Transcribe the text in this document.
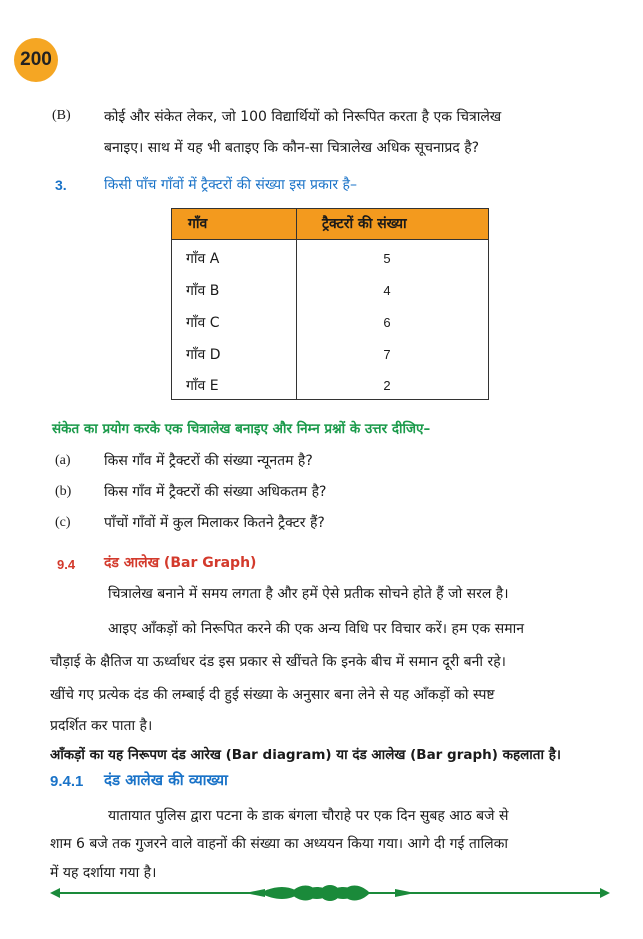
200
(B) कोई और संकेत लेकर, जो 100 विद्यार्थियों को निरूपित करता है एक चित्रालेख
बनाइए। साथ में यह भी बताइए कि कौन-सा चित्रालेख अधिक सूचनाप्रद है?
3.	किसी पाँच गाँवों में ट्रैक्टरों की संख्या इस प्रकार है–
गाँव	ट्रैक्टरों की संख्या
गाँव A	5
गाँव B	4
गाँव C	6
गाँव D	7
गाँव E	2
संकेत का प्रयोग करके एक चित्रालेख बनाइए और निम्न प्रश्नों के उत्तर दीजिए–
(a) किस गाँव में ट्रैक्टरों की संख्या न्यूनतम है?
(b) किस गाँव में ट्रैक्टरों की संख्या अधिकतम है?
(c) पाँचों गाँवों में कुल मिलाकर कितने ट्रैक्टर हैं?
9.4 दंड आलेख (Bar Graph)
चित्रालेख बनाने में समय लगता है और हमें ऐसे प्रतीक सोचने होते हैं जो सरल है।
आइए आँकड़ों को निरूपित करने की एक अन्य विधि पर विचार करें। हम एक समान
चौड़ाई के क्षैतिज या ऊर्ध्वाधर दंड इस प्रकार से खींचते कि इनके बीच में समान दूरी बनी रहे।
खींचे गए प्रत्येक दंड की लम्बाई दी हुई संख्या के अनुसार बना लेने से यह आँकड़ों को स्पष्ट
प्रदर्शित कर पाता है।
आँकड़ों का यह निरूपण दंड आरेख (Bar diagram) या दंड आलेख (Bar graph) कहलाता है।
9.4.1 दंड आलेख की व्याख्या
यातायात पुलिस द्वारा पटना के डाक बंगला चौराहे पर एक दिन सुबह आठ बजे से
शाम 6 बजे तक गुजरने वाले वाहनों की संख्या का अध्ययन किया गया। आगे दी गई तालिका
में यह दर्शाया गया है।
